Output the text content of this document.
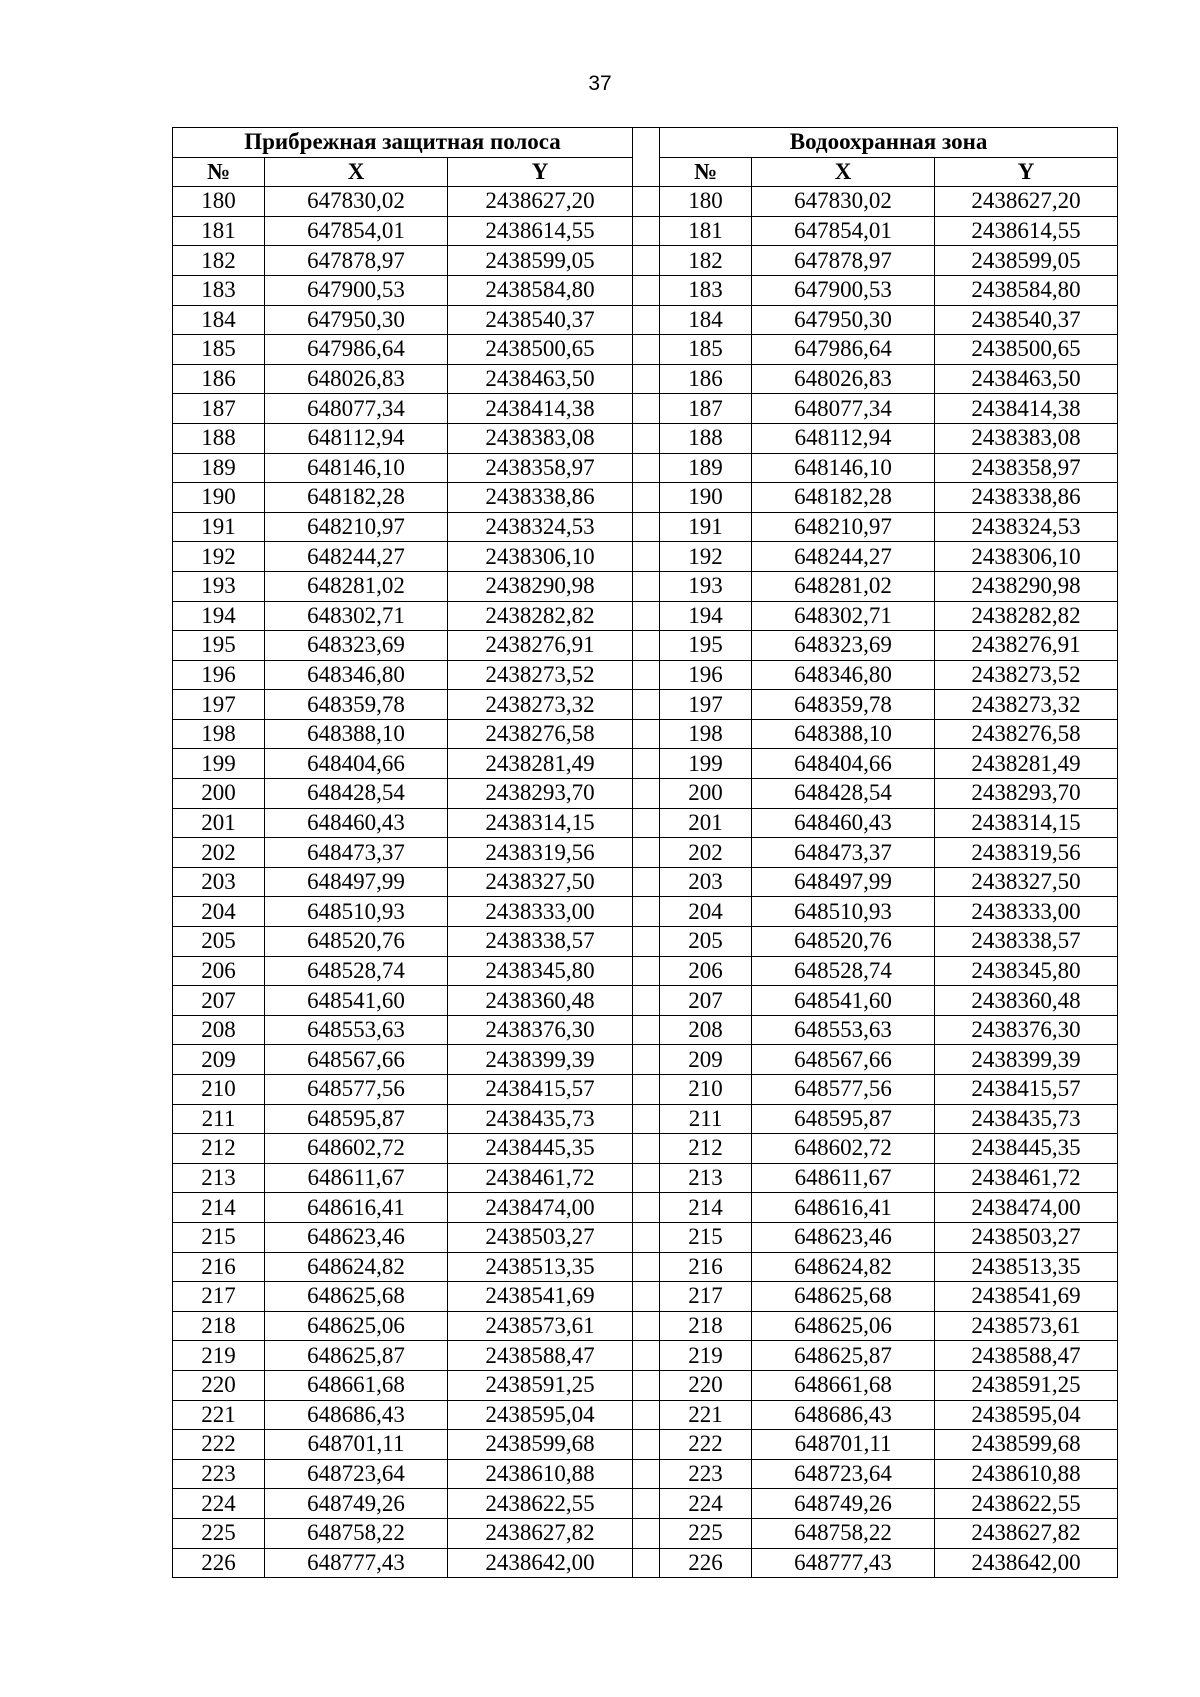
37
Прибрежная защитная полоса				Водоохранная зона		
№	X	Y		№	X	Y
180	647830,02	2438627,20		180	647830,02	2438627,20
181	647854,01	2438614,55		181	647854,01	2438614,55
182	647878,97	2438599,05		182	647878,97	2438599,05
183	647900,53	2438584,80		183	647900,53	2438584,80
184	647950,30	2438540,37		184	647950,30	2438540,37
185	647986,64	2438500,65		185	647986,64	2438500,65
186	648026,83	2438463,50		186	648026,83	2438463,50
187	648077,34	2438414,38		187	648077,34	2438414,38
188	648112,94	2438383,08		188	648112,94	2438383,08
189	648146,10	2438358,97		189	648146,10	2438358,97
190	648182,28	2438338,86		190	648182,28	2438338,86
191	648210,97	2438324,53		191	648210,97	2438324,53
192	648244,27	2438306,10		192	648244,27	2438306,10
193	648281,02	2438290,98		193	648281,02	2438290,98
194	648302,71	2438282,82		194	648302,71	2438282,82
195	648323,69	2438276,91		195	648323,69	2438276,91
196	648346,80	2438273,52		196	648346,80	2438273,52
197	648359,78	2438273,32		197	648359,78	2438273,32
198	648388,10	2438276,58		198	648388,10	2438276,58
199	648404,66	2438281,49		199	648404,66	2438281,49
200	648428,54	2438293,70		200	648428,54	2438293,70
201	648460,43	2438314,15		201	648460,43	2438314,15
202	648473,37	2438319,56		202	648473,37	2438319,56
203	648497,99	2438327,50		203	648497,99	2438327,50
204	648510,93	2438333,00		204	648510,93	2438333,00
205	648520,76	2438338,57		205	648520,76	2438338,57
206	648528,74	2438345,80		206	648528,74	2438345,80
207	648541,60	2438360,48		207	648541,60	2438360,48
208	648553,63	2438376,30		208	648553,63	2438376,30
209	648567,66	2438399,39		209	648567,66	2438399,39
210	648577,56	2438415,57		210	648577,56	2438415,57
211	648595,87	2438435,73		211	648595,87	2438435,73
212	648602,72	2438445,35		212	648602,72	2438445,35
213	648611,67	2438461,72		213	648611,67	2438461,72
214	648616,41	2438474,00		214	648616,41	2438474,00
215	648623,46	2438503,27		215	648623,46	2438503,27
216	648624,82	2438513,35		216	648624,82	2438513,35
217	648625,68	2438541,69		217	648625,68	2438541,69
218	648625,06	2438573,61		218	648625,06	2438573,61
219	648625,87	2438588,47		219	648625,87	2438588,47
220	648661,68	2438591,25		220	648661,68	2438591,25
221	648686,43	2438595,04		221	648686,43	2438595,04
222	648701,11	2438599,68		222	648701,11	2438599,68
223	648723,64	2438610,88		223	648723,64	2438610,88
224	648749,26	2438622,55		224	648749,26	2438622,55
225	648758,22	2438627,82		225	648758,22	2438627,82
226	648777,43	2438642,00		226	648777,43	2438642,00
